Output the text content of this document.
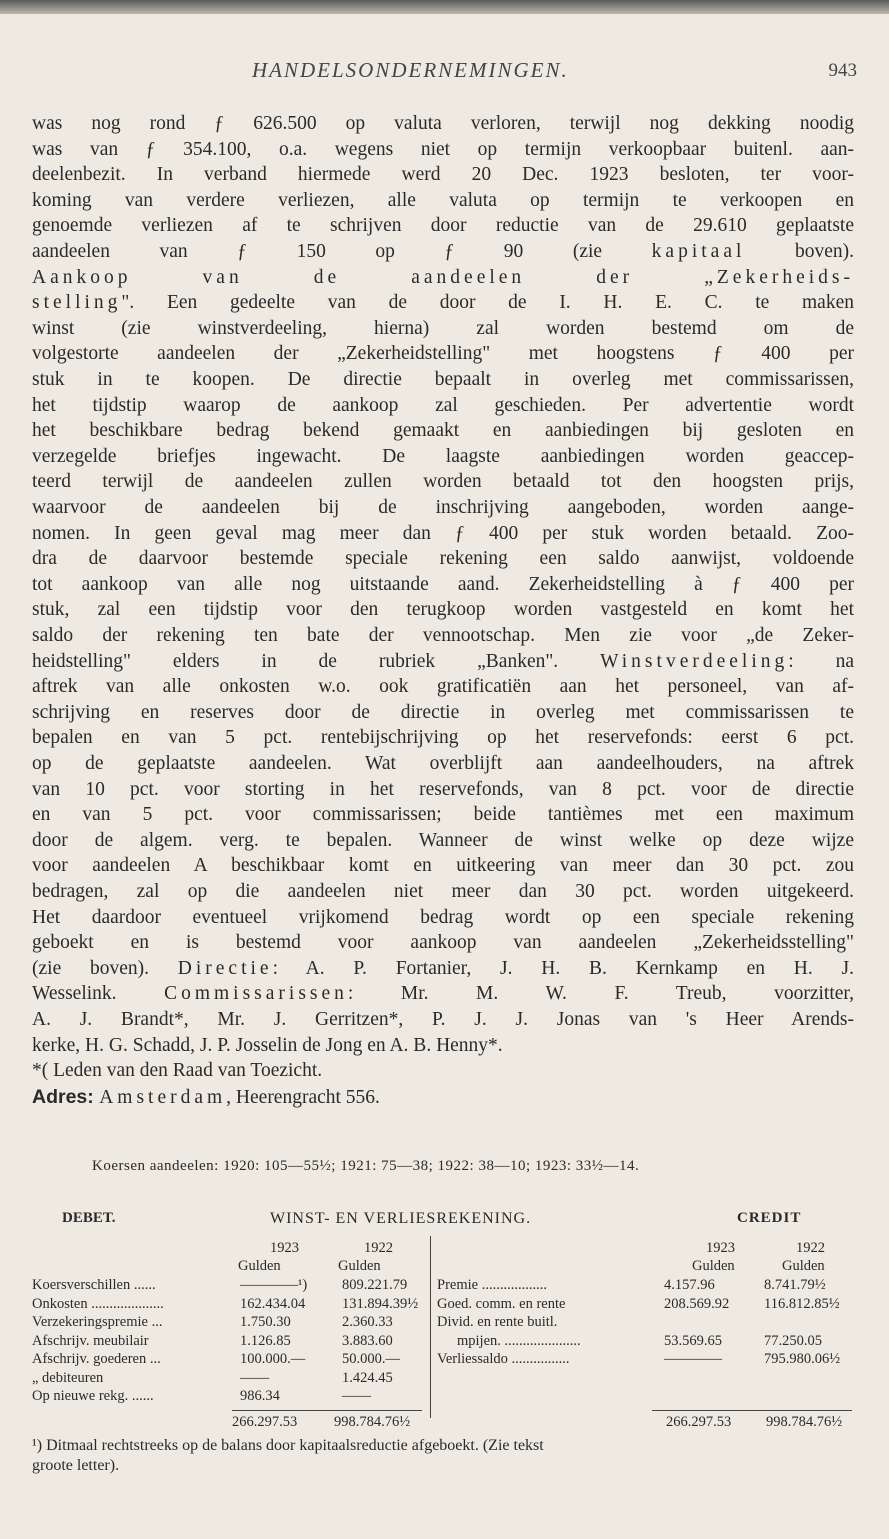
HANDELSONDERNEMINGEN.	943
was nog rond ƒ 626.500 op valuta verloren, terwijl nog dekking noodig
was van ƒ 354.100, o.a. wegens niet op termijn verkoopbaar buitenl. aan-
deelenbezit. In verband hiermede werd 20 Dec. 1923 besloten, ter voor-
koming van verdere verliezen, alle valuta op termijn te verkoopen en
genoemde verliezen af te schrijven door reductie van de 29.610 geplaatste
aandeelen van ƒ 150 op ƒ 90 (zie kapitaal boven).
Aankoop van de aandeelen der „Zekerheids-
stelling". Een gedeelte van de door de I. H. E. C. te maken
winst (zie winstverdeeling, hierna) zal worden bestemd om de
volgestorte aandeelen der „Zekerheidstelling" met hoogstens ƒ 400 per
stuk in te koopen. De directie bepaalt in overleg met commissarissen,
het tijdstip waarop de aankoop zal geschieden. Per advertentie wordt
het beschikbare bedrag bekend gemaakt en aanbiedingen bij gesloten en
verzegelde briefjes ingewacht. De laagste aanbiedingen worden geaccep-
teerd terwijl de aandeelen zullen worden betaald tot den hoogsten prijs,
waarvoor de aandeelen bij de inschrijving aangeboden, worden aange-
nomen. In geen geval mag meer dan ƒ 400 per stuk worden betaald. Zoo-
dra de daarvoor bestemde speciale rekening een saldo aanwijst, voldoende
tot aankoop van alle nog uitstaande aand. Zekerheidstelling à ƒ 400 per
stuk, zal een tijdstip voor den terugkoop worden vastgesteld en komt het
saldo der rekening ten bate der vennootschap. Men zie voor „de Zeker-
heidstelling" elders in de rubriek „Banken". Winstverdeeling: na
aftrek van alle onkosten w.o. ook gratificatiën aan het personeel, van af-
schrijving en reserves door de directie in overleg met commissarissen te
bepalen en van 5 pct. rentebijschrijving op het reservefonds: eerst 6 pct.
op de geplaatste aandeelen. Wat overblijft aan aandeelhouders, na aftrek
van 10 pct. voor storting in het reservefonds, van 8 pct. voor de directie
en van 5 pct. voor commissarissen; beide tantièmes met een maximum
door de algem. verg. te bepalen. Wanneer de winst welke op deze wijze
voor aandeelen A beschikbaar komt en uitkeering van meer dan 30 pct. zou
bedragen, zal op die aandeelen niet meer dan 30 pct. worden uitgekeerd.
Het daardoor eventueel vrijkomend bedrag wordt op een speciale rekening
geboekt en is bestemd voor aankoop van aandeelen „Zekerheidsstelling"
(zie boven). Directie: A. P. Fortanier, J. H. B. Kernkamp en H. J.
Wesselink. Commissarissen: Mr. M. W. F. Treub, voorzitter,
A. J. Brandt*, Mr. J. Gerritzen*, P. J. J. Jonas van 's Heer Arends-
kerke, H. G. Schadd, J. P. Josselin de Jong en A. B. Henny*.
*( Leden van den Raad van Toezicht.
Adres: Amsterdam, Heerengracht 556.
Koersen aandeelen: 1920: 105—55½; 1921: 75—38; 1922: 38—10; 1923: 33½—14.
DEBET.	WINST- EN VERLIESREKENING.	CREDIT
1923	1922
Gulden	Gulden
1923	1922
Gulden	Gulden
Koersverschillen ......	————¹) 809.221.79
Onkosten ....................	162.434.04	131.894.39½
Verzekeringspremie ...	1.750.30	2.360.33
Afschrijv. meubilair	1.126.85	3.883.60
Afschrijv. goederen ...	100.000.—	50.000.—
„ debiteuren	——	1.424.45
Op nieuwe rekg. ......	986.34	——
Premie ..................	4.157.96	8.741.79½
Goed. comm. en rente	208.569.92 116.812.85½
Divid. en rente buitl.
mpijen. .....................	53.569.65	77.250.05
Verliessaldo ................	————	795.980.06½
266.297.53	998.784.76½	266.297.53 998.784.76½
¹) Ditmaal rechtstreeks op de balans door kapitaalsreductie afgeboekt. (Zie tekst
groote letter).
